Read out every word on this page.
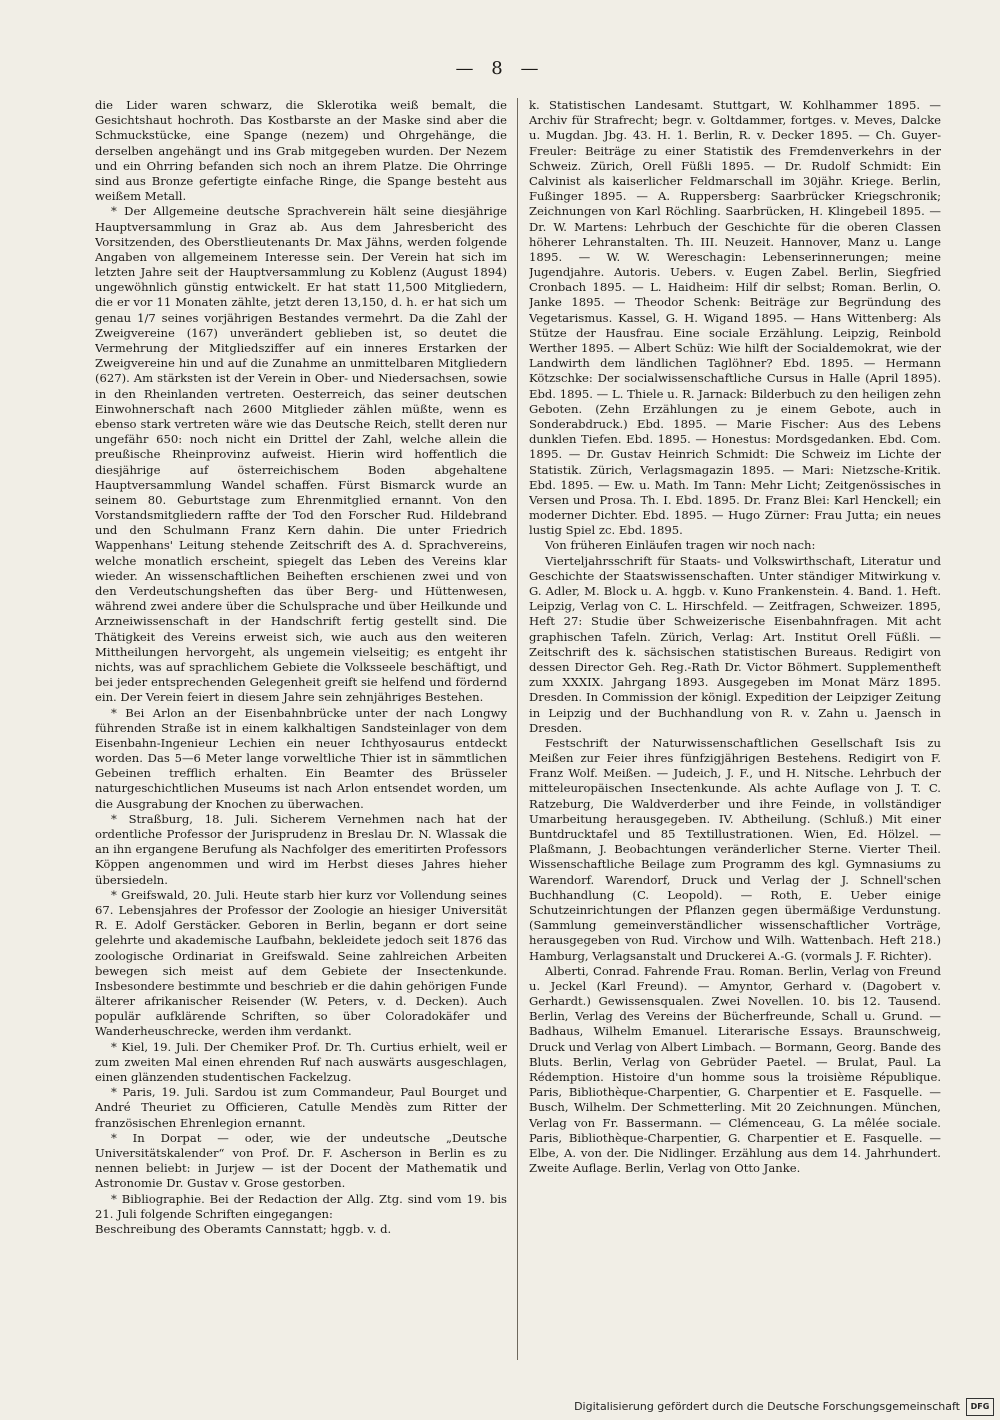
— 8 —

die Lider waren schwarz, die Sklerotika weiß bemalt, die Gesichtshaut hochroth. Das Kostbarste an der Maske sind aber die Schmuckstücke, eine Spange (nezem) und Ohrgehänge, die derselben angehängt und ins Grab mitgegeben wurden. Der Nezem und ein Ohrring befanden sich noch an ihrem Platze. Die Ohrringe sind aus Bronze gefertigte einfache Ringe, die Spange besteht aus weißem Metall.

* Der Allgemeine deutsche Sprachverein hält seine diesjährige Hauptversammlung in Graz ab. Aus dem Jahresbericht des Vorsitzenden, des Oberstlieutenants Dr. Max Jähns, werden folgende Angaben von allgemeinem Interesse sein. Der Verein hat sich im letzten Jahre seit der Hauptversammlung zu Koblenz (August 1894) ungewöhnlich günstig entwickelt. Er hat statt 11,500 Mitgliedern, die er vor 11 Monaten zählte, jetzt deren 13,150, d. h. er hat sich um genau 1/7 seines vorjährigen Bestandes vermehrt. Da die Zahl der Zweigvereine (167) unverändert geblieben ist, so deutet die Vermehrung der Mitgliedsziffer auf ein inneres Erstarken der Zweigvereine hin und auf die Zunahme an unmittelbaren Mitgliedern (627). Am stärksten ist der Verein in Ober- und Niedersachsen, sowie in den Rheinlanden vertreten. Oesterreich, das seiner deutschen Einwohnerschaft nach 2600 Mitglieder zählen müßte, wenn es ebenso stark vertreten wäre wie das Deutsche Reich, stellt deren nur ungefähr 650: noch nicht ein Drittel der Zahl, welche allein die preußische Rheinprovinz aufweist. Hierin wird hoffentlich die diesjährige auf österreichischem Boden abgehaltene Hauptversammlung Wandel schaffen. Fürst Bismarck wurde an seinem 80. Geburtstage zum Ehrenmitglied ernannt. Von den Vorstandsmitgliedern raffte der Tod den Forscher Rud. Hildebrand und den Schulmann Franz Kern dahin. Die unter Friedrich Wappenhans' Leitung stehende Zeitschrift des A. d. Sprachvereins, welche monatlich erscheint, spiegelt das Leben des Vereins klar wieder. An wissenschaftlichen Beiheften erschienen zwei und von den Verdeutschungsheften das über Berg- und Hüttenwesen, während zwei andere über die Schulsprache und über Heilkunde und Arzneiwissenschaft in der Handschrift fertig gestellt sind. Die Thätigkeit des Vereins erweist sich, wie auch aus den weiteren Mittheilungen hervorgeht, als ungemein vielseitig; es entgeht ihr nichts, was auf sprachlichem Gebiete die Volksseele beschäftigt, und bei jeder entsprechenden Gelegenheit greift sie helfend und fördernd ein. Der Verein feiert in diesem Jahre sein zehnjähriges Bestehen.

* Bei Arlon an der Eisenbahnbrücke unter der nach Longwy führenden Straße ist in einem kalkhaltigen Sandsteinlager von dem Eisenbahn-Ingenieur Lechien ein neuer Ichthyosaurus entdeckt worden. Das 5—6 Meter lange vorweltliche Thier ist in sämmtlichen Gebeinen trefflich erhalten. Ein Beamter des Brüsseler naturgeschichtlichen Museums ist nach Arlon entsendet worden, um die Ausgrabung der Knochen zu überwachen.

* Straßburg, 18. Juli. Sicherem Vernehmen nach hat der ordentliche Professor der Jurisprudenz in Breslau Dr. N. Wlassak die an ihn ergangene Berufung als Nachfolger des emeritirten Professors Köppen angenommen und wird im Herbst dieses Jahres hieher übersiedeln.

* Greifswald, 20. Juli. Heute starb hier kurz vor Vollendung seines 67. Lebensjahres der Professor der Zoologie an hiesiger Universität R. E. Adolf Gerstäcker. Geboren in Berlin, begann er dort seine gelehrte und akademische Laufbahn, bekleidete jedoch seit 1876 das zoologische Ordinariat in Greifswald. Seine zahlreichen Arbeiten bewegen sich meist auf dem Gebiete der Insectenkunde. Insbesondere bestimmte und beschrieb er die dahin gehörigen Funde älterer afrikanischer Reisender (W. Peters, v. d. Decken). Auch populär aufklärende Schriften, so über Coloradokäfer und Wanderheuschrecke, werden ihm verdankt.

* Kiel, 19. Juli. Der Chemiker Prof. Dr. Th. Curtius erhielt, weil er zum zweiten Mal einen ehrenden Ruf nach auswärts ausgeschlagen, einen glänzenden studentischen Fackelzug.

* Paris, 19. Juli. Sardou ist zum Commandeur, Paul Bourget und André Theuriet zu Officieren, Catulle Mendès zum Ritter der französischen Ehrenlegion ernannt.

* In Dorpat — oder, wie der undeutsche „Deutsche Universitätskalender“ von Prof. Dr. F. Ascherson in Berlin es zu nennen beliebt: in Jurjew — ist der Docent der Mathematik und Astronomie Dr. Gustav v. Grose gestorben.

* Bibliographie. Bei der Redaction der Allg. Ztg. sind vom 19. bis 21. Juli folgende Schriften eingegangen:

Beschreibung des Oberamts Cannstatt; hggb. v. d.

k. Statistischen Landesamt. Stuttgart, W. Kohlhammer 1895. — Archiv für Strafrecht; begr. v. Goltdammer, fortges. v. Meves, Dalcke u. Mugdan. Jbg. 43. H. 1. Berlin, R. v. Decker 1895. — Ch. Guyer-Freuler: Beiträge zu einer Statistik des Fremdenverkehrs in der Schweiz. Zürich, Orell Füßli 1895. — Dr. Rudolf Schmidt: Ein Calvinist als kaiserlicher Feldmarschall im 30jähr. Kriege. Berlin, Fußinger 1895. — A. Ruppersberg: Saarbrücker Kriegschronik; Zeichnungen von Karl Röchling. Saarbrücken, H. Klingebeil 1895. — Dr. W. Martens: Lehrbuch der Geschichte für die oberen Classen höherer Lehranstalten. Th. III. Neuzeit. Hannover, Manz u. Lange 1895. — W. W. Wereschagin: Lebenserinnerungen; meine Jugendjahre. Autoris. Uebers. v. Eugen Zabel. Berlin, Siegfried Cronbach 1895. — L. Haidheim: Hilf dir selbst; Roman. Berlin, O. Janke 1895. — Theodor Schenk: Beiträge zur Begründung des Vegetarismus. Kassel, G. H. Wigand 1895. — Hans Wittenberg: Als Stütze der Hausfrau. Eine sociale Erzählung. Leipzig, Reinbold Werther 1895. — Albert Schüz: Wie hilft der Socialdemokrat, wie der Landwirth dem ländlichen Taglöhner? Ebd. 1895. — Hermann Kötzschke: Der socialwissenschaftliche Cursus in Halle (April 1895). Ebd. 1895. — L. Thiele u. R. Jarnack: Bilderbuch zu den heiligen zehn Geboten. (Zehn Erzählungen zu je einem Gebote, auch in Sonderabdruck.) Ebd. 1895. — Marie Fischer: Aus des Lebens dunklen Tiefen. Ebd. 1895. — Honestus: Mordsgedanken. Ebd. Com. 1895. — Dr. Gustav Heinrich Schmidt: Die Schweiz im Lichte der Statistik. Zürich, Verlagsmagazin 1895. — Mari: Nietzsche-Kritik. Ebd. 1895. — Ew. u. Math. Im Tann: Mehr Licht; Zeitgenössisches in Versen und Prosa. Th. I. Ebd. 1895. Dr. Franz Blei: Karl Henckell; ein moderner Dichter. Ebd. 1895. — Hugo Zürner: Frau Jutta; ein neues lustig Spiel zc. Ebd. 1895.

Von früheren Einläufen tragen wir noch nach:

Vierteljahrsschrift für Staats- und Volkswirthschaft, Literatur und Geschichte der Staatswissenschaften. Unter ständiger Mitwirkung v. G. Adler, M. Block u. A. hggb. v. Kuno Frankenstein. 4. Band. 1. Heft. Leipzig, Verlag von C. L. Hirschfeld. — Zeitfragen, Schweizer. 1895, Heft 27: Studie über Schweizerische Eisenbahnfragen. Mit acht graphischen Tafeln. Zürich, Verlag: Art. Institut Orell Füßli. — Zeitschrift des k. sächsischen statistischen Bureaus. Redigirt von dessen Director Geh. Reg.-Rath Dr. Victor Böhmert. Supplementheft zum XXXIX. Jahrgang 1893. Ausgegeben im Monat März 1895. Dresden. In Commission der königl. Expedition der Leipziger Zeitung in Leipzig und der Buchhandlung von R. v. Zahn u. Jaensch in Dresden.

Festschrift der Naturwissenschaftlichen Gesellschaft Isis zu Meißen zur Feier ihres fünfzigjährigen Bestehens. Redigirt von F. Franz Wolf. Meißen. — Judeich, J. F., und H. Nitsche. Lehrbuch der mitteleuropäischen Insectenkunde. Als achte Auflage von J. T. C. Ratzeburg, Die Waldverderber und ihre Feinde, in vollständiger Umarbeitung herausgegeben. IV. Abtheilung. (Schluß.) Mit einer Buntdrucktafel und 85 Textillustrationen. Wien, Ed. Hölzel. — Plaßmann, J. Beobachtungen veränderlicher Sterne. Vierter Theil. Wissenschaftliche Beilage zum Programm des kgl. Gymnasiums zu Warendorf. Warendorf, Druck und Verlag der J. Schnell'schen Buchhandlung (C. Leopold). — Roth, E. Ueber einige Schutzeinrichtungen der Pflanzen gegen übermäßige Verdunstung. (Sammlung gemeinverständlicher wissenschaftlicher Vorträge, herausgegeben von Rud. Virchow und Wilh. Wattenbach. Heft 218.) Hamburg, Verlagsanstalt und Druckerei A.-G. (vormals J. F. Richter).

Alberti, Conrad. Fahrende Frau. Roman. Berlin, Verlag von Freund u. Jeckel (Karl Freund). — Amyntor, Gerhard v. (Dagobert v. Gerhardt.) Gewissensqualen. Zwei Novellen. 10. bis 12. Tausend. Berlin, Verlag des Vereins der Bücherfreunde, Schall u. Grund. — Badhaus, Wilhelm Emanuel. Literarische Essays. Braunschweig, Druck und Verlag von Albert Limbach. — Bormann, Georg. Bande des Bluts. Berlin, Verlag von Gebrüder Paetel. — Brulat, Paul. La Rédemption. Histoire d'un homme sous la troisième République. Paris, Bibliothèque-Charpentier, G. Charpentier et E. Fasquelle. — Busch, Wilhelm. Der Schmetterling. Mit 20 Zeichnungen. München, Verlag von Fr. Bassermann. — Clémenceau, G. La mêlée sociale. Paris, Bibliothèque-Charpentier, G. Charpentier et E. Fasquelle. — Elbe, A. von der. Die Nidlinger. Erzählung aus dem 14. Jahrhundert. Zweite Auflage. Berlin, Verlag von Otto Janke.

Digitalisierung gefördert durch die Deutsche Forschungsgemeinschaft	DFG
